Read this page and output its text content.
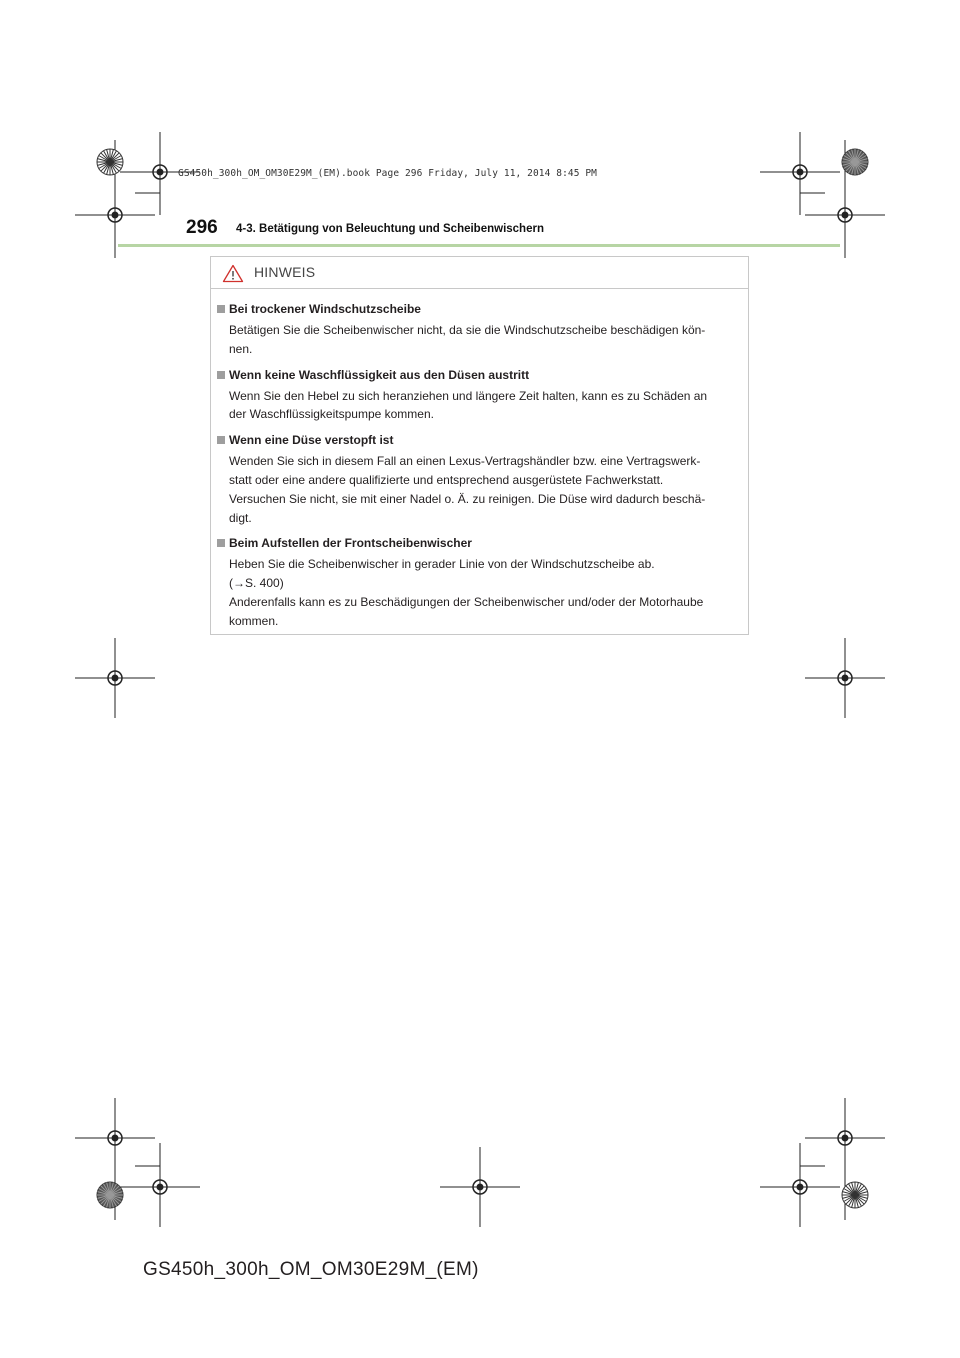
GS450h_300h_OM_OM30E29M_(EM).book Page 296 Friday, July 11, 2014 8:45 PM
296 4-3. Betätigung von Beleuchtung und Scheibenwischern
HINWEIS
Bei trockener Windschutzscheibe
Betätigen Sie die Scheibenwischer nicht, da sie die Windschutzscheibe beschädigen kön-
nen.
Wenn keine Waschflüssigkeit aus den Düsen austritt
Wenn Sie den Hebel zu sich heranziehen und längere Zeit halten, kann es zu Schäden an
der Waschflüssigkeitspumpe kommen.
Wenn eine Düse verstopft ist
Wenden Sie sich in diesem Fall an einen Lexus-Vertragshändler bzw. eine Vertragswerk-
statt oder eine andere qualifizierte und entsprechend ausgerüstete Fachwerkstatt.
Versuchen Sie nicht, sie mit einer Nadel o. Ä. zu reinigen. Die Düse wird dadurch beschä-
digt.
Beim Aufstellen der Frontscheibenwischer
Heben Sie die Scheibenwischer in gerader Linie von der Windschutzscheibe ab.
(→S. 400)
Anderenfalls kann es zu Beschädigungen der Scheibenwischer und/oder der Motorhaube
kommen.
GS450h_300h_OM_OM30E29M_(EM)
